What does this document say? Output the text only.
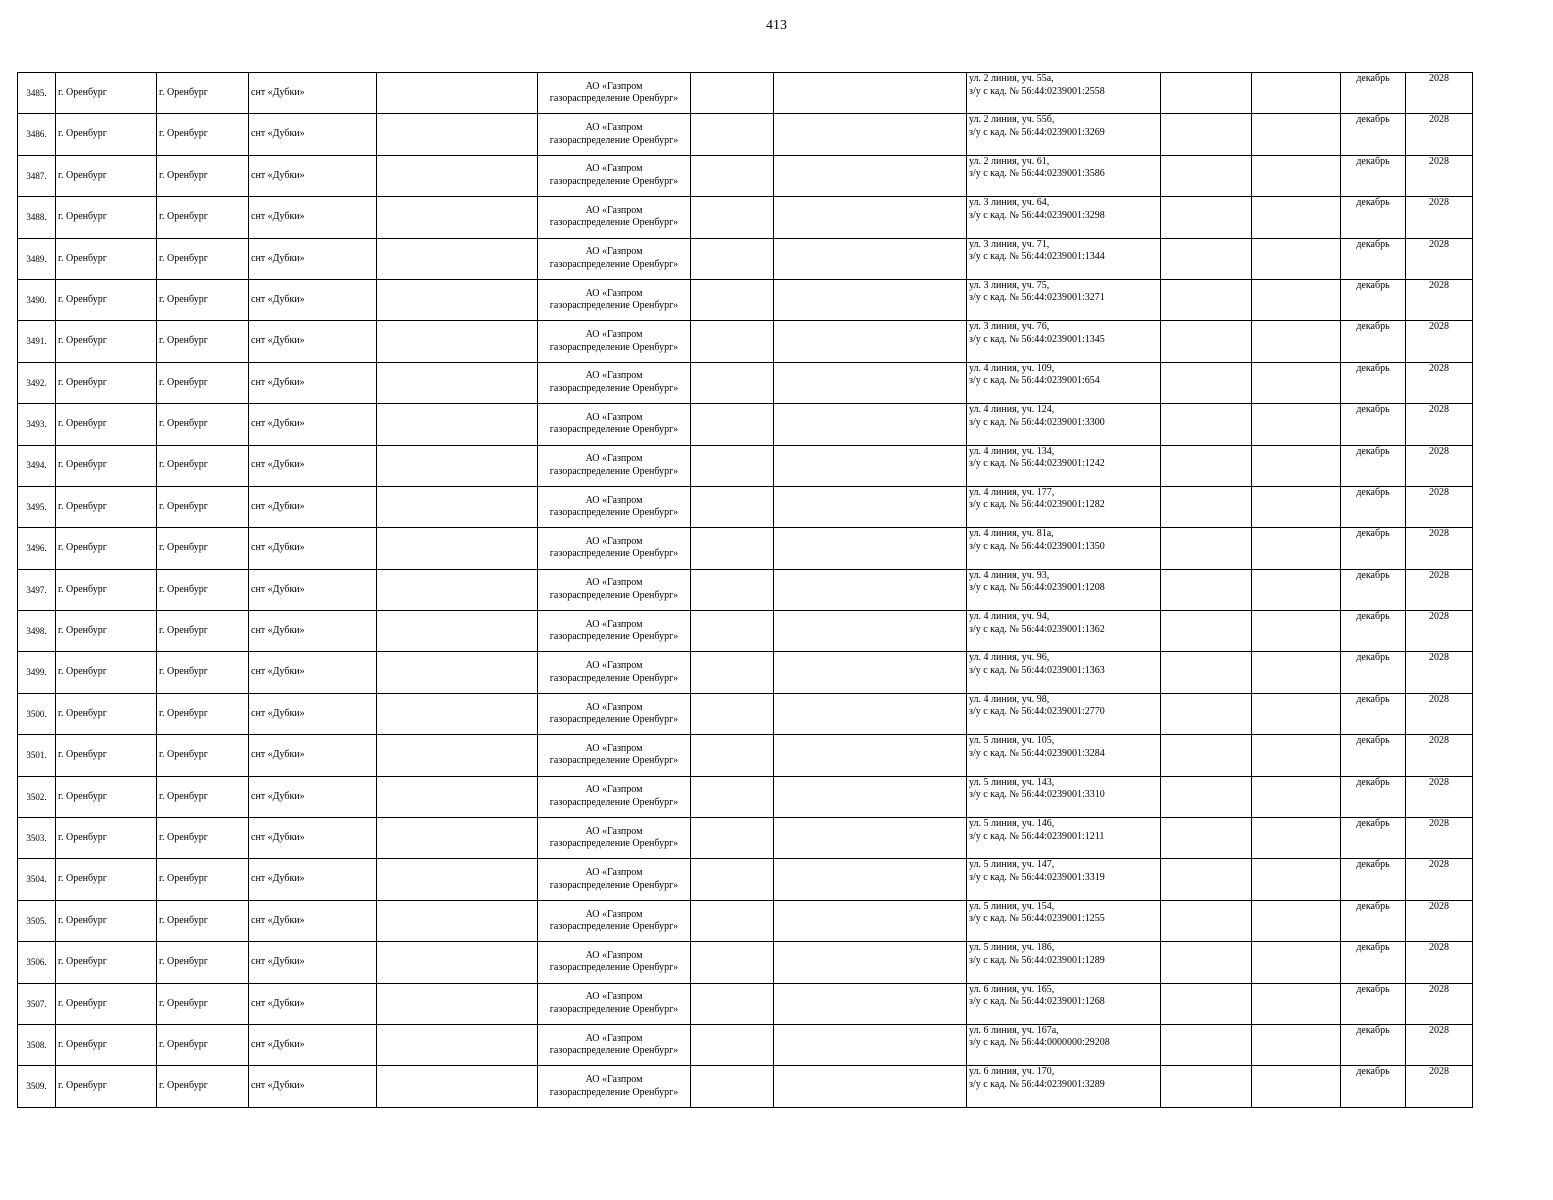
413
3485.	г. Оренбург	г. Оренбург	снт «Дубки»		АО «Газпром
газораспределение Оренбург»			ул. 2 линия, уч. 55а,
з/у с кад. № 56:44:0239001:2558			декабрь	2028
3486.	г. Оренбург	г. Оренбург	снт «Дубки»		АО «Газпром
газораспределение Оренбург»			ул. 2 линия, уч. 55б,
з/у с кад. № 56:44:0239001:3269			декабрь	2028
3487.	г. Оренбург	г. Оренбург	снт «Дубки»		АО «Газпром
газораспределение Оренбург»			ул. 2 линия, уч. 61,
з/у с кад. № 56:44:0239001:3586			декабрь	2028
3488.	г. Оренбург	г. Оренбург	снт «Дубки»		АО «Газпром
газораспределение Оренбург»			ул. 3 линия, уч. 64,
з/у с кад. № 56:44:0239001:3298			декабрь	2028
3489.	г. Оренбург	г. Оренбург	снт «Дубки»		АО «Газпром
газораспределение Оренбург»			ул. 3 линия, уч. 71,
з/у с кад. № 56:44:0239001:1344			декабрь	2028
3490.	г. Оренбург	г. Оренбург	снт «Дубки»		АО «Газпром
газораспределение Оренбург»			ул. 3 линия, уч. 75,
з/у с кад. № 56:44:0239001:3271			декабрь	2028
3491.	г. Оренбург	г. Оренбург	снт «Дубки»		АО «Газпром
газораспределение Оренбург»			ул. 3 линия, уч. 76,
з/у с кад. № 56:44:0239001:1345			декабрь	2028
3492.	г. Оренбург	г. Оренбург	снт «Дубки»		АО «Газпром
газораспределение Оренбург»			ул. 4 линия, уч. 109,
з/у с кад. № 56:44:0239001:654			декабрь	2028
3493.	г. Оренбург	г. Оренбург	снт «Дубки»		АО «Газпром
газораспределение Оренбург»			ул. 4 линия, уч. 124,
з/у с кад. № 56:44:0239001:3300			декабрь	2028
3494.	г. Оренбург	г. Оренбург	снт «Дубки»		АО «Газпром
газораспределение Оренбург»			ул. 4 линия, уч. 134,
з/у с кад. № 56:44:0239001:1242			декабрь	2028
3495.	г. Оренбург	г. Оренбург	снт «Дубки»		АО «Газпром
газораспределение Оренбург»			ул. 4 линия, уч. 177,
з/у с кад. № 56:44:0239001:1282			декабрь	2028
3496.	г. Оренбург	г. Оренбург	снт «Дубки»		АО «Газпром
газораспределение Оренбург»			ул. 4 линия, уч. 81а,
з/у с кад. № 56:44:0239001:1350			декабрь	2028
3497.	г. Оренбург	г. Оренбург	снт «Дубки»		АО «Газпром
газораспределение Оренбург»			ул. 4 линия, уч. 93,
з/у с кад. № 56:44:0239001:1208			декабрь	2028
3498.	г. Оренбург	г. Оренбург	снт «Дубки»		АО «Газпром
газораспределение Оренбург»			ул. 4 линия, уч. 94,
з/у с кад. № 56:44:0239001:1362			декабрь	2028
3499.	г. Оренбург	г. Оренбург	снт «Дубки»		АО «Газпром
газораспределение Оренбург»			ул. 4 линия, уч. 96,
з/у с кад. № 56:44:0239001:1363			декабрь	2028
3500.	г. Оренбург	г. Оренбург	снт «Дубки»		АО «Газпром
газораспределение Оренбург»			ул. 4 линия, уч. 98,
з/у с кад. № 56:44:0239001:2770			декабрь	2028
3501.	г. Оренбург	г. Оренбург	снт «Дубки»		АО «Газпром
газораспределение Оренбург»			ул. 5 линия, уч. 105,
з/у с кад. № 56:44:0239001:3284			декабрь	2028
3502.	г. Оренбург	г. Оренбург	снт «Дубки»		АО «Газпром
газораспределение Оренбург»			ул. 5 линия, уч. 143,
з/у с кад. № 56:44:0239001:3310			декабрь	2028
3503.	г. Оренбург	г. Оренбург	снт «Дубки»		АО «Газпром
газораспределение Оренбург»			ул. 5 линия, уч. 146,
з/у с кад. № 56:44:0239001:1211			декабрь	2028
3504.	г. Оренбург	г. Оренбург	снт «Дубки»		АО «Газпром
газораспределение Оренбург»			ул. 5 линия, уч. 147,
з/у с кад. № 56:44:0239001:3319			декабрь	2028
3505.	г. Оренбург	г. Оренбург	снт «Дубки»		АО «Газпром
газораспределение Оренбург»			ул. 5 линия, уч. 154,
з/у с кад. № 56:44:0239001:1255			декабрь	2028
3506.	г. Оренбург	г. Оренбург	снт «Дубки»		АО «Газпром
газораспределение Оренбург»			ул. 5 линия, уч. 186,
з/у с кад. № 56:44:0239001:1289			декабрь	2028
3507.	г. Оренбург	г. Оренбург	снт «Дубки»		АО «Газпром
газораспределение Оренбург»			ул. 6 линия, уч. 165,
з/у с кад. № 56:44:0239001:1268			декабрь	2028
3508.	г. Оренбург	г. Оренбург	снт «Дубки»		АО «Газпром
газораспределение Оренбург»			ул. 6 линия, уч. 167а,
з/у с кад. № 56:44:0000000:29208			декабрь	2028
3509.	г. Оренбург	г. Оренбург	снт «Дубки»		АО «Газпром
газораспределение Оренбург»			ул. 6 линия, уч. 170,
з/у с кад. № 56:44:0239001:3289			декабрь	2028
